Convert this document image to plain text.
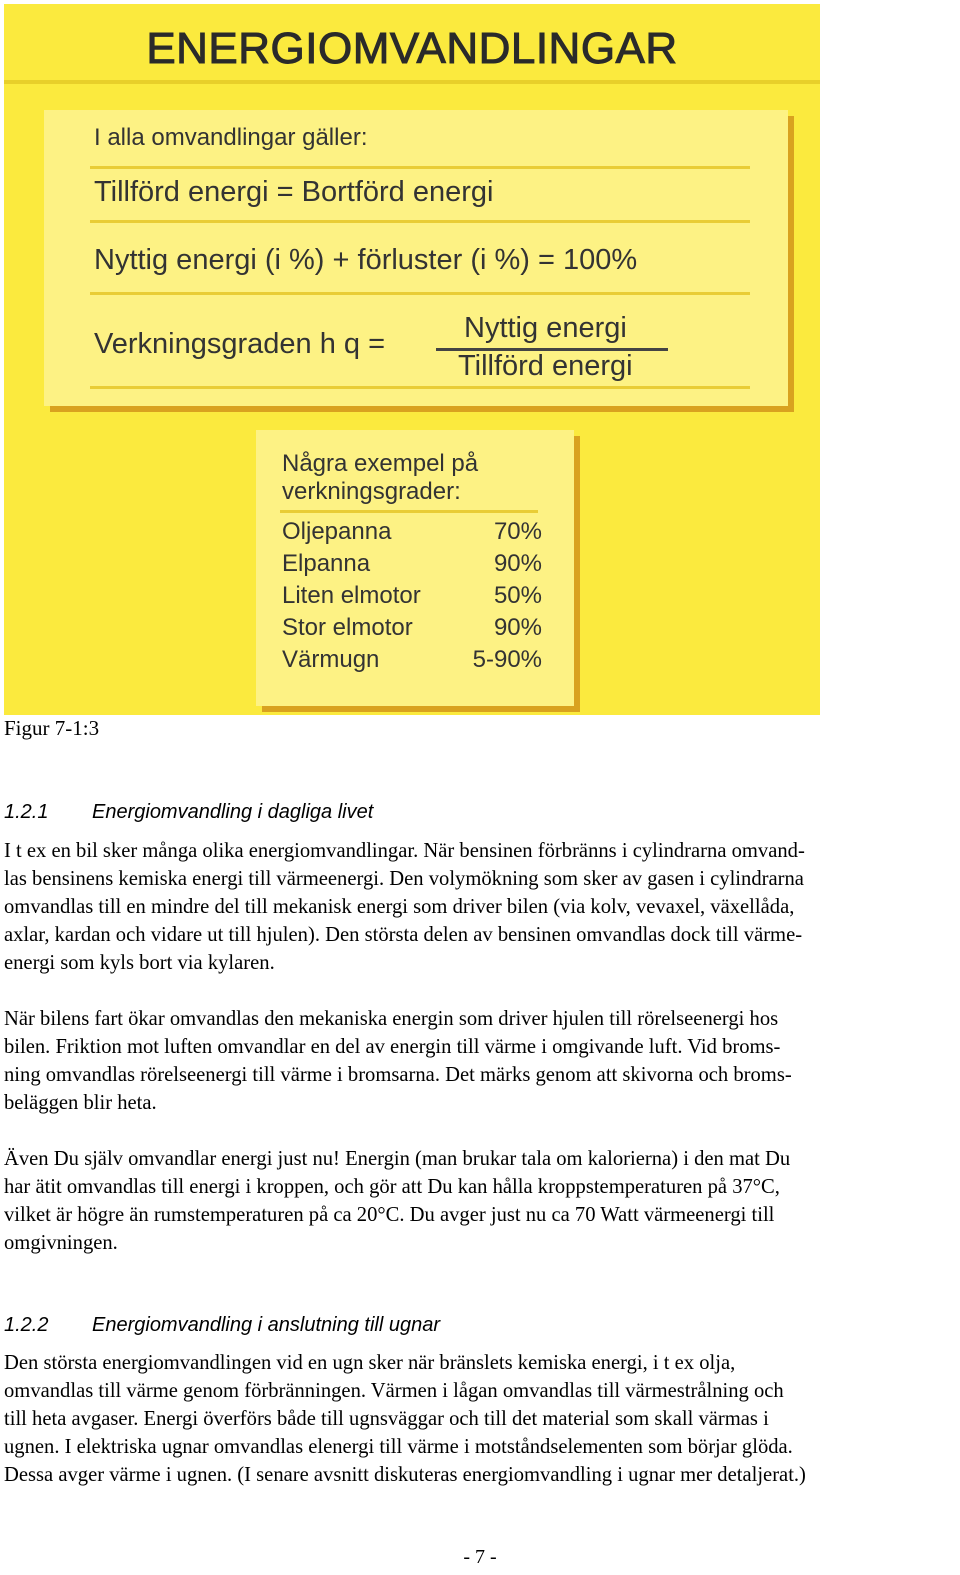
ENERGIOMVANDLINGAR
I alla omvandlingar gäller:
Tillförd energi = Bortförd energi
Nyttig energi (i %) + förluster (i %) = 100%
Verkningsgraden h q =	Nyttig energi
Tillförd energi
Några exempel på
verkningsgrader:
Oljepanna	70%
Elpanna	90%
Liten elmotor	50%
Stor elmotor	90%
Värmugn	5-90%
Figur 7-1:3
1.2.1 Energiomvandling i dagliga livet

I t ex en bil sker många olika energiomvandlingar. När bensinen förbränns i cylindrarna omvand-
las bensinens kemiska energi till värmeenergi. Den volymökning som sker av gasen i cylindrarna
omvandlas till en mindre del till mekanisk energi som driver bilen (via kolv, vevaxel, växellåda,
axlar, kardan och vidare ut till hjulen). Den största delen av bensinen omvandlas dock till värme-
energi som kyls bort via kylaren.

När bilens fart ökar omvandlas den mekaniska energin som driver hjulen till rörelseenergi hos
bilen. Friktion mot luften omvandlar en del av energin till värme i omgivande luft. Vid broms-
ning omvandlas rörelseenergi till värme i bromsarna. Det märks genom att skivorna och broms-
beläggen blir heta.

Även Du själv omvandlar energi just nu! Energin (man brukar tala om kalorierna) i den mat Du
har ätit omvandlas till energi i kroppen, och gör att Du kan hålla kroppstemperaturen på 37°C,
vilket är högre än rumstemperaturen på ca 20°C. Du avger just nu ca 70 Watt värmeenergi till
omgivningen.

1.2.2 Energiomvandling i anslutning till ugnar

Den största energiomvandlingen vid en ugn sker när bränslets kemiska energi, i t ex olja,
omvandlas till värme genom förbränningen. Värmen i lågan omvandlas till värmestrålning och
till heta avgaser. Energi överförs både till ugnsväggar och till det material som skall värmas i
ugnen. I elektriska ugnar omvandlas elenergi till värme i motståndselementen som börjar glöda.
Dessa avger värme i ugnen. (I senare avsnitt diskuteras energiomvandling i ugnar mer detaljerat.)

- 7 -
